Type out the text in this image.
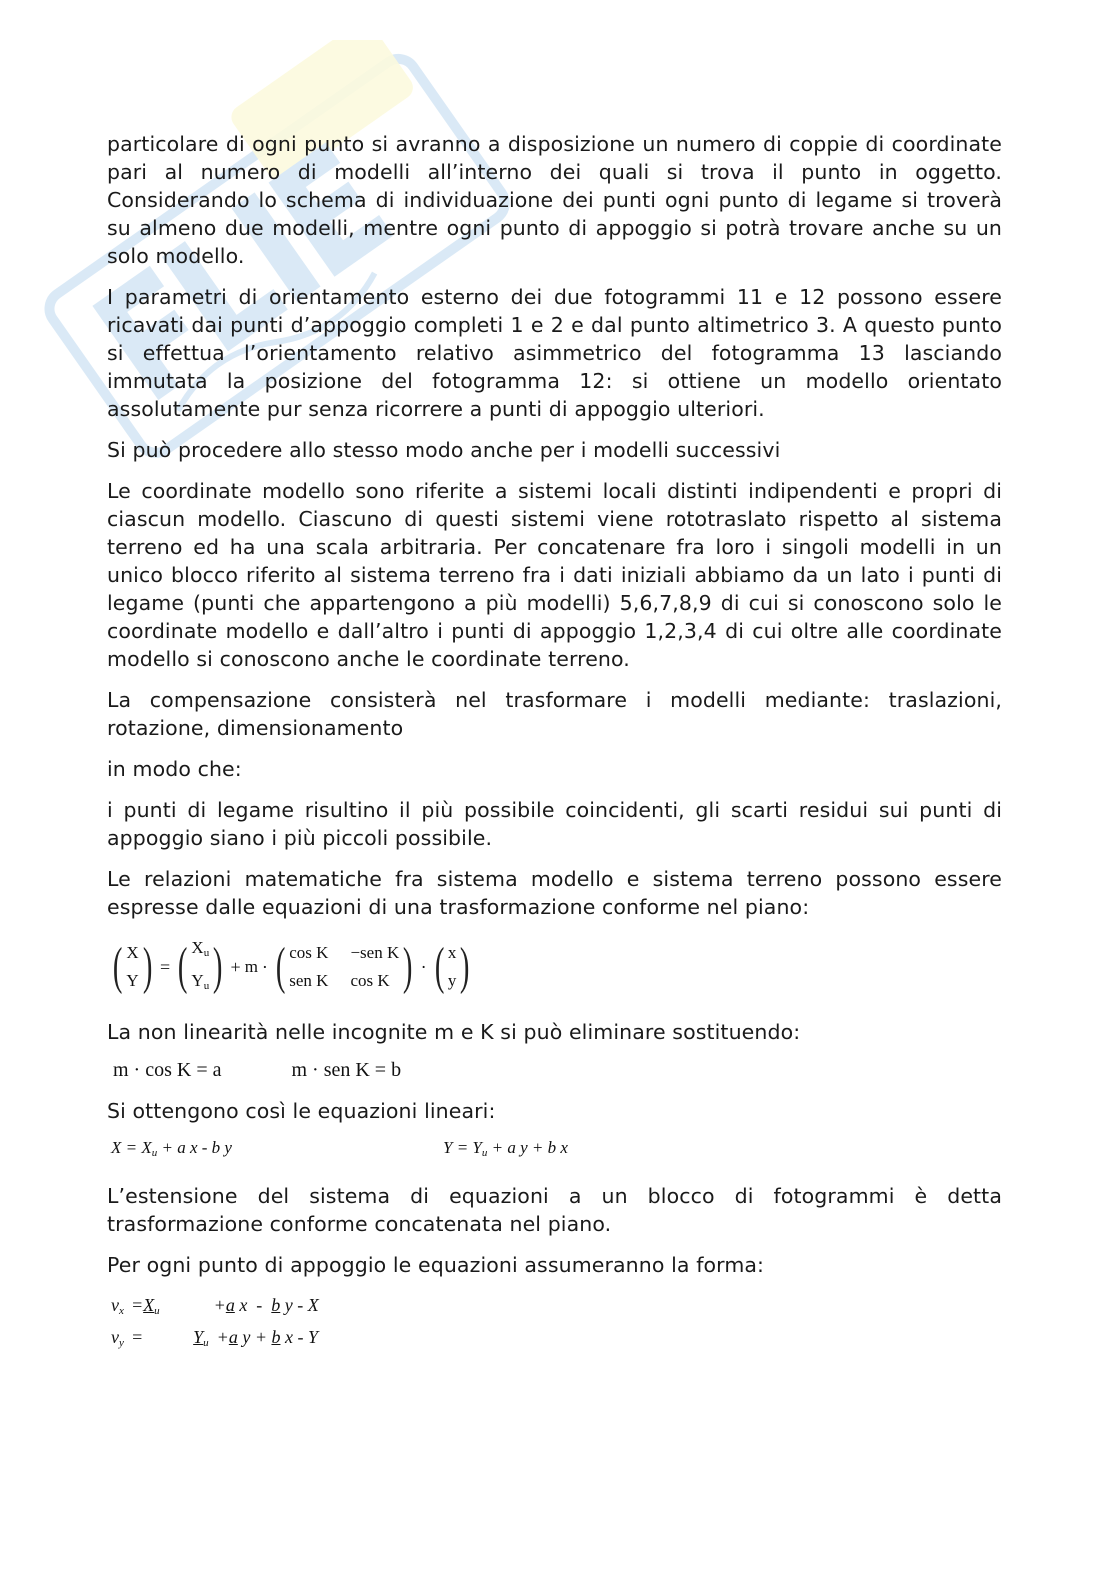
particolare di ogni punto si avranno a disposizione un numero di coppie di coordinate pari al numero di modelli all’interno dei quali si trova il punto in oggetto. Considerando lo schema di individuazione dei punti ogni punto di legame si troverà su almeno due modelli, mentre ogni punto di appoggio si potrà trovare anche su un solo modello.

I parametri di orientamento esterno dei due fotogrammi 11 e 12 possono essere ricavati dai punti d’appoggio completi 1 e 2 e dal punto altimetrico 3. A questo punto si effettua l’orientamento relativo asimmetrico del fotogramma 13 lasciando immutata la posizione del fotogramma 12: si ottiene un modello orientato assolutamente pur senza ricorrere a punti di appoggio ulteriori.

Si può procedere allo stesso modo anche per i modelli successivi

Le coordinate modello sono riferite a sistemi locali distinti indipendenti e propri di ciascun modello. Ciascuno di questi sistemi viene rototraslato rispetto al sistema terreno ed ha una scala arbitraria. Per concatenare fra loro i singoli modelli in un unico blocco riferito al sistema terreno fra i dati iniziali abbiamo da un lato i punti di legame (punti che appartengono a più modelli) 5,6,7,8,9 di cui si conoscono solo le coordinate modello e dall’altro i punti di appoggio 1,2,3,4 di cui oltre alle coordinate modello si conoscono anche le coordinate terreno.

La compensazione consisterà nel trasformare i modelli mediante: traslazioni, rotazione, dimensionamento

in modo che:

i punti di legame risultino il più possibile coincidenti, gli scarti residui sui punti di appoggio siano i più piccoli possibile.

Le relazioni matematiche fra sistema modello e sistema terreno possono essere espresse dalle equazioni di una trasformazione conforme nel piano:

( X
Y ) = ( $X_u$
$Y_u$ ) + m · ( cos K −sen K
sen K cos K ) · ( x
y )

La non linearità nelle incognite m e K si può eliminare sostituendo:

m · cos K = a	m · sen K = b

Si ottengono così le equazioni lineari:

$X = X_u + a$ x - b y	$Y = Y_u + a$ y + b x

L’estensione del sistema di equazioni a un blocco di fotogrammi è detta trasformazione conforme concatenata nel piano.

Per ogni punto di appoggio le equazioni assumeranno la forma:

$v_x = X_u$	+ a x  - b y - X
$v_y$ =	$Y_u + a$ y + b x - Y
